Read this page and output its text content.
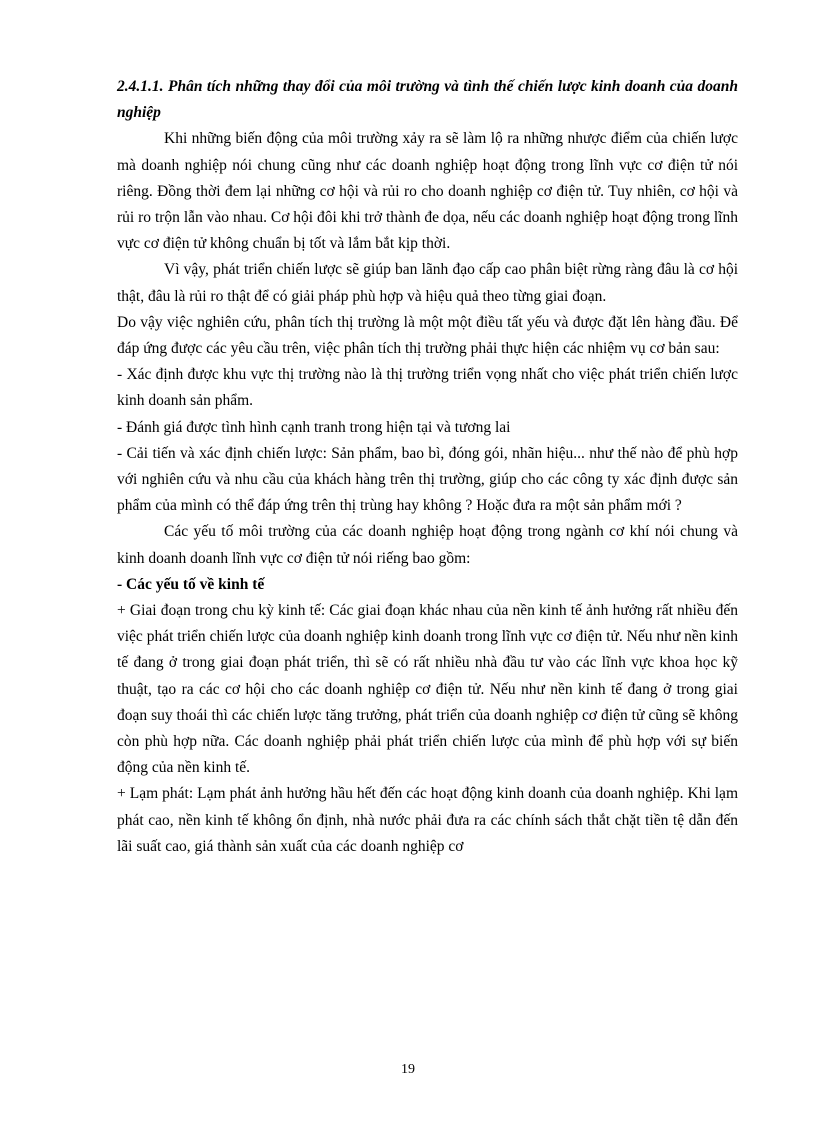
2.4.1.1. Phân tích những thay đổi của môi trường và tình thế chiến lược kinh doanh của doanh nghiệp

Khi những biến động của môi trường xảy ra sẽ làm lộ ra những nhược điểm của chiến lược mà doanh nghiệp nói chung cũng như các doanh nghiệp hoạt động trong lĩnh vực cơ điện tử nói riêng. Đồng thời đem lại những cơ hội và rủi ro cho doanh nghiệp cơ điện tử. Tuy nhiên, cơ hội và rủi ro trộn lẫn vào nhau. Cơ hội đôi khi trở thành đe dọa, nếu các doanh nghiệp hoạt động trong lĩnh vực cơ điện tử không chuẩn bị tốt và lắm bắt kịp thời.

Vì vậy, phát triển chiến lược sẽ giúp ban lãnh đạo cấp cao phân biệt rừng ràng đâu là cơ hội thật, đâu là rủi ro thật để có giải pháp phù hợp và hiệu quả theo từng giai đoạn.

Do vậy việc nghiên cứu, phân tích thị trường là một một điều tất yếu và được đặt lên hàng đầu. Để đáp ứng được các yêu cầu trên, việc phân tích thị trường phải thực hiện các nhiệm vụ cơ bản sau:

- Xác định được khu vực thị trường nào là thị trường triển vọng nhất cho việc phát triển chiến lược kinh doanh sản phẩm.

- Đánh giá được tình hình cạnh tranh trong hiện tại và tương lai

- Cải tiến và xác định chiến lược: Sản phẩm, bao bì, đóng gói, nhãn hiệu... như thế nào để phù hợp với nghiên cứu và nhu cầu của khách hàng trên thị trường, giúp cho các công ty xác định được sản phẩm của mình có thể đáp ứng trên thị trùng hay không ? Hoặc đưa ra một sản phẩm mới ?

Các yếu tố môi trường của các doanh nghiệp hoạt động trong ngành cơ khí nói chung và kinh doanh doanh lĩnh vực cơ điện tử nói riếng bao gồm:

- Các yếu tố về kinh tế

+ Giai đoạn trong chu kỳ kinh tế: Các giai đoạn khác nhau của nền kinh tế ảnh hưởng rất nhiều đến việc phát triển chiến lược của doanh nghiệp kinh doanh trong lĩnh vực cơ điện tử. Nếu như nền kinh tế đang ở trong giai đoạn phát triển, thì sẽ có rất nhiều nhà đầu tư vào các lĩnh vực khoa học kỹ thuật, tạo ra các cơ hội cho các doanh nghiệp cơ điện tử. Nếu như nền kinh tế đang ở trong giai đoạn suy thoái thì các chiến lược tăng trưởng, phát triển của doanh nghiệp cơ điện tử cũng sẽ không còn phù hợp nữa. Các doanh nghiệp phải phát triển chiến lược của mình để phù hợp với sự biến động của nền kinh tế.

+ Lạm phát: Lạm phát ảnh hưởng hầu hết đến các hoạt động kinh doanh của doanh nghiệp. Khi lạm phát cao, nền kinh tế không ổn định, nhà nước phải đưa ra các chính sách thắt chặt tiền tệ dẫn đến lãi suất cao, giá thành sản xuất của các doanh nghiệp cơ

19
